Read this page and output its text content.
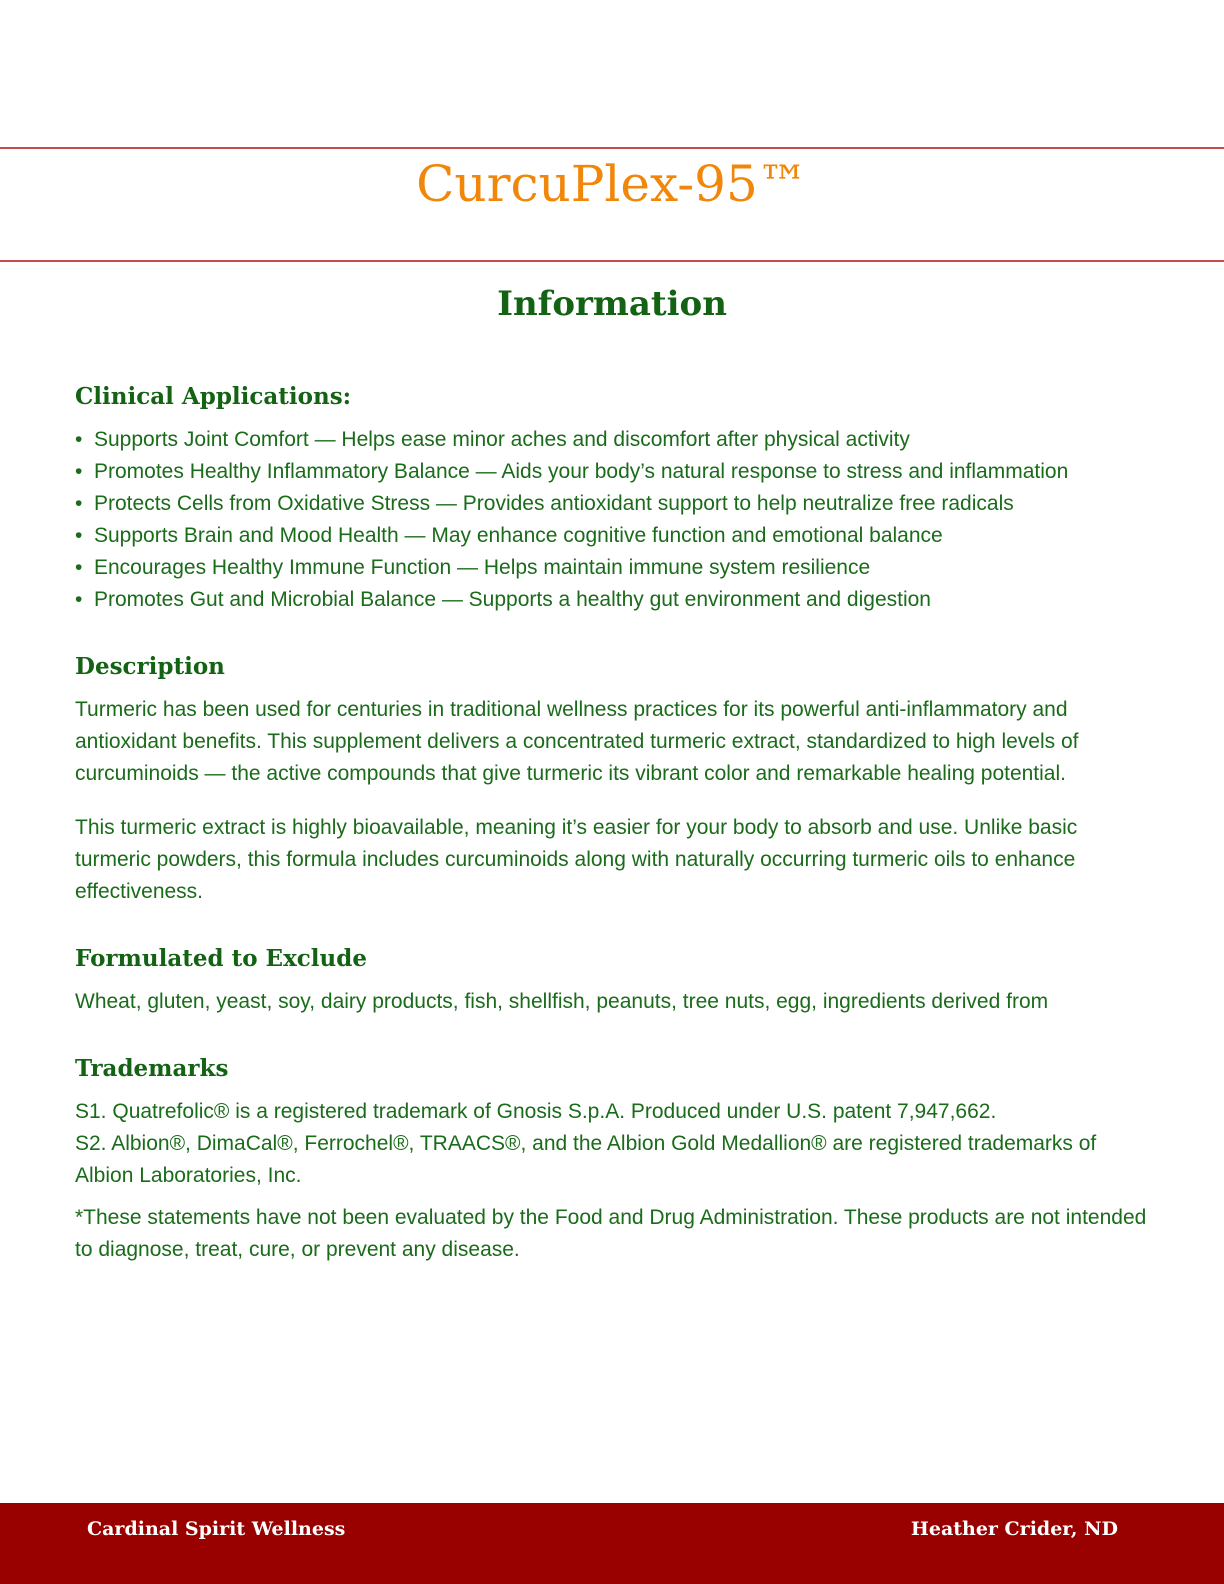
CurcuPlex-95™
Information
Clinical Applications:
• Supports Joint Comfort — Helps ease minor aches and discomfort after physical activity
• Promotes Healthy Inflammatory Balance — Aids your body’s natural response to stress and inflammation
• Protects Cells from Oxidative Stress — Provides antioxidant support to help neutralize free radicals
• Supports Brain and Mood Health — May enhance cognitive function and emotional balance
• Encourages Healthy Immune Function — Helps maintain immune system resilience
• Promotes Gut and Microbial Balance — Supports a healthy gut environment and digestion
Description

Turmeric has been used for centuries in traditional wellness practices for its powerful anti-inflammatory and antioxidant benefits. This supplement delivers a concentrated turmeric extract, standardized to high levels of curcuminoids — the active compounds that give turmeric its vibrant color and remarkable healing potential.

This turmeric extract is highly bioavailable, meaning it’s easier for your body to absorb and use. Unlike basic turmeric powders, this formula includes curcuminoids along with naturally occurring turmeric oils to enhance effectiveness.

Formulated to Exclude

Wheat, gluten, yeast, soy, dairy products, fish, shellfish, peanuts, tree nuts, egg, ingredients derived from

Trademarks

S1. Quatrefolic® is a registered trademark of Gnosis S.p.A. Produced under U.S. patent 7,947,662.
S2. Albion®, DimaCal®, Ferrochel®, TRAACS®, and the Albion Gold Medallion® are registered trademarks of Albion Laboratories, Inc.

*These statements have not been evaluated by the Food and Drug Administration. These products are not intended to diagnose, treat, cure, or prevent any disease.

Cardinal Spirit Wellness	Heather Crider, ND
